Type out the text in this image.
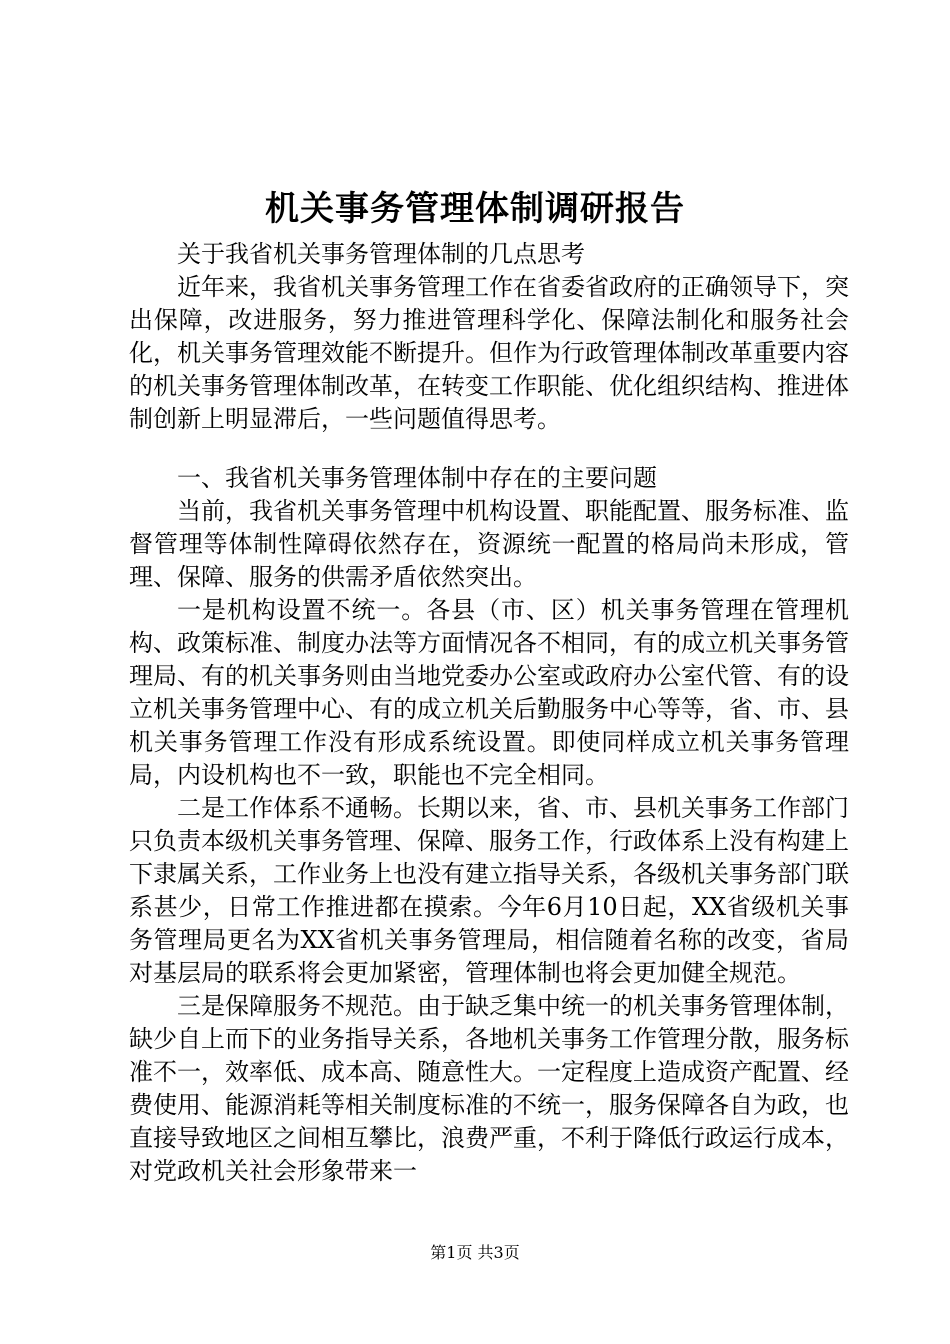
机关事务管理体制调研报告

关于我省机关事务管理体制的几点思考

近年来，我省机关事务管理工作在省委省政府的正确领导下，突出保障，改进服务，努力推进管理科学化、保障法制化和服务社会化，机关事务管理效能不断提升。但作为行政管理体制改革重要内容的机关事务管理体制改革，在转变工作职能、优化组织结构、推进体制创新上明显滞后，一些问题值得思考。

一、我省机关事务管理体制中存在的主要问题

当前，我省机关事务管理中机构设置、职能配置、服务标准、监督管理等体制性障碍依然存在，资源统一配置的格局尚未形成，管理、保障、服务的供需矛盾依然突出。

一是机构设置不统一。各县（市、区）机关事务管理在管理机构、政策标准、制度办法等方面情况各不相同，有的成立机关事务管理局、有的机关事务则由当地党委办公室或政府办公室代管、有的设立机关事务管理中心、有的成立机关后勤服务中心等等，省、市、县机关事务管理工作没有形成系统设置。即使同样成立机关事务管理局，内设机构也不一致，职能也不完全相同。

二是工作体系不通畅。长期以来，省、市、县机关事务工作部门只负责本级机关事务管理、保障、服务工作，行政体系上没有构建上下隶属关系，工作业务上也没有建立指导关系，各级机关事务部门联系甚少，日常工作推进都在摸索。今年6月10日起，XX省级机关事务管理局更名为XX省机关事务管理局，相信随着名称的改变，省局对基层局的联系将会更加紧密，管理体制也将会更加健全规范。

三是保障服务不规范。由于缺乏集中统一的机关事务管理体制，缺少自上而下的业务指导关系，各地机关事务工作管理分散，服务标准不一，效率低、成本高、随意性大。一定程度上造成资产配置、经费使用、能源消耗等相关制度标准的不统一，服务保障各自为政，也直接导致地区之间相互攀比，浪费严重，不利于降低行政运行成本，对党政机关社会形象带来一

第1页 共3页
